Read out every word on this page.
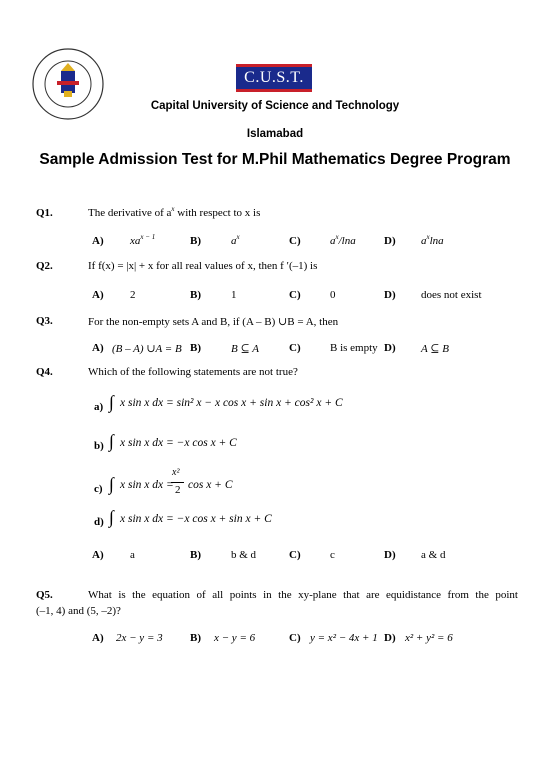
C.U.S.T.
Capital University of Science and Technology
Islamabad
Sample Admission Test for M.Phil Mathematics Degree Program
Q1.	The derivative of $a^x$ with respect to x is
A) $xa^{x - 1}$	B)	$a^x$	C)	$a^x$/lna	D) $a^x\ln a$
Q2.	If f(x) = |x| + x for all real values of x, then f ′(–1) is
A) 2	B)	1	C)	0	D) does not exist
Q3.	For the non-empty sets A and B, if (A – B) ∪B = A, then
A) (B – A) ∪A = B B)	B ⊆ A	C)	B is empty D) A ⊆ B
Q4.	Which of the following statements are not true?
a) ∫ x sin x dx = sin² x − x cos x + sin x + cos² x + C
b) ∫ x sin x dx = −x cos x + C
c) ∫ x sin x dx =
x²
2 cos x + C
d) ∫ x sin x dx = −x cos x + sin x + C
A) a	B)	b & d	C)	c	D) a & d
Q5.	What is the equation of all points in the xy-plane that are equidistance from the point
(–1, 4) and (5, –2)?
A) 2x − y = 3 B) x − y = 6	C) y = x² − 4x + 1 D) x² + y² = 6
